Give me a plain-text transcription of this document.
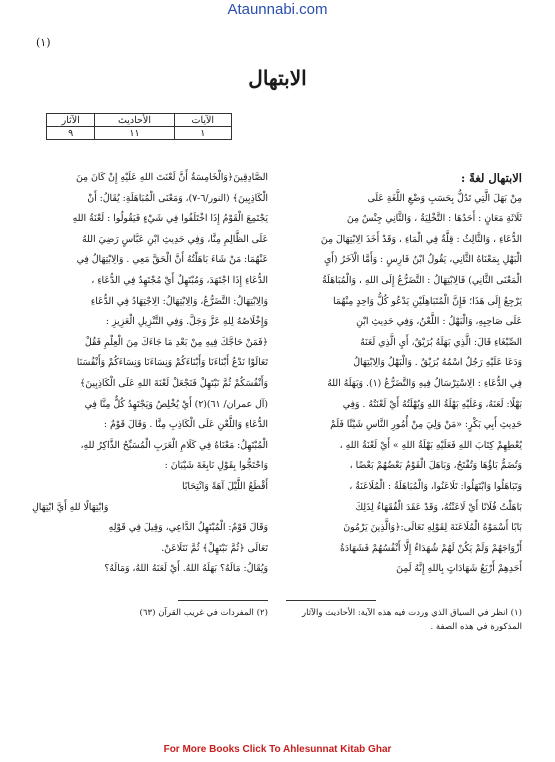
Ataunnabi.com
(١)
الابتهال
الآيات	الأحاديث	الآثار
١	١١	٩
الابتهال لغةً :
مِنْ بَهَلَ الَّتِي تَدُلُّ بِحَسَبِ وَضْعِ اللُّغَةِ عَلَى
ثَلَاثَةِ مَعَانٍ : أَحَدُهَا : التَّخْلِيَةُ ، وَالثَّانِي جِنْسٌ مِنَ
الدُّعَاءِ ، وَالثَّالِثُ : قِلَّةٌ فِي الْمَاءِ ، وَقَدْ أَخَذَ الِابْتِهَالَ مِنَ
الْبَهْلِ بِمَعْنَاهُ الثَّانِي، يَقُولُ ابْنُ فَارِسٍ : وَأَمَّا الْآخَرُ (أَيِ
الْمَعْنَى الثَّانِي) فَالِابْتِهَالُ : التَّضَرُّعُ إِلَى اللهِ ، وَالْمُبَاهَلَةُ
يَرْجِعُ إِلَى هَذَا؛ فَإِنَّ الْمُتَبَاهِلَيْنِ يَدْعُو كُلُّ وَاحِدٍ مِنْهُمَا
عَلَى صَاحِبِهِ، وَالْبَهْلُ : اللَّعْنُ، وَفِي حَدِيثِ ابْنِ
الصِّبْغَاءِ قَالَ: الَّذِي بَهَلَهُ بُرَيْقٌ، أَيِ الَّذِي لَعَنَهُ
وَدَعَا عَلَيْهِ رَجُلٌ اسْمُهُ بُرَيْقٌ . وَالْبَهْلُ وَالِابْتِهَالُ
فِي الدُّعَاءِ : الِاسْتِرْسَالُ فِيهِ وَالتَّضَرُّعُ (١). وَبَهَلَهُ اللهُ
بَهْلًا: لَعَنَهُ، وَعَلَيْهِ بَهْلَةُ اللهِ وَبُهْلَتُهُ أَيْ لَعْنَتُهُ . وَفِي
حَدِيثِ أَبِي بَكْرٍ: «مَنْ وَلِيَ مِنْ أُمُورِ النَّاسِ شَيْئًا فَلَمْ
يُعْطِهِمْ كِتَابَ اللهِ فَعَلَيْهِ بَهْلَةُ اللهِ » أَيْ لَعْنَةُ اللهِ ،
وَتُضَمُّ بَاؤُهَا وَتُفْتَحُ، وَبَاهَلَ الْقَوْمُ بَعْضُهُمْ بَعْضًا ،
وَتَبَاهَلُوا وَابْتَهَلُوا: تَلَاعَنُوا، وَالْمُبَاهَلَةُ : الْمُلَاعَنَةُ ،
بَاهَلْتُ فُلَانًا أَيْ لَاعَنْتُهُ، وَقَدْ عَقَدَ الْفُقَهَاءُ لِذَلِكَ
بَابًا أَسْمَوْهُ الْمُلَاعَنَةَ لِقَوْلِهِ تَعَالَى:﴿وَالَّذِينَ يَرْمُونَ
أَزْوَاجَهُمْ وَلَمْ يَكُنْ لَهُمْ شُهَدَاءُ إِلَّا أَنْفُسُهُمْ فَشَهَادَةُ
أَحَدِهِمْ أَرْبَعُ شَهَادَاتٍ بِاللهِ إِنَّهُ لَمِنَ
الصَّادِقِينَ﴿وَالْخَامِسَةُ أَنَّ لَعْنَتَ اللهِ عَلَيْهِ إِنْ كَانَ مِنَ
الْكَاذِبِينَ﴾ (النور/٦-٧)، وَمَعْنَى الْمُبَاهَلَةِ: يُقَالُ: أَنْ
يَجْتَمِعَ الْقَوْمُ إِذَا اخْتَلَفُوا فِي شَيْءٍ فَيَقُولُوا : لَعْنَةُ اللهِ
عَلَى الظَّالِمِ مِنَّا، وَفِي حَدِيثِ ابْنِ عَبَّاسٍ رَضِيَ اللهُ
عَنْهُمَا: مَنْ شَاءَ بَاهَلْتُهُ أَنَّ الْحَقَّ مَعِي . وَالِابْتِهَالُ فِي
الدُّعَاءِ إِذَا اجْتَهَدَ، وَمُبْتَهِلٌ أَيْ مُجْتَهِدٌ فِي الدُّعَاءِ ،
وَالِابْتِهَالُ: التَّضَرُّعُ، وَالِابْتِهَالُ: الِاجْتِهَادُ فِي الدُّعَاءِ
وَإِخْلَاصُهُ لِلهِ عَزَّ وَجَلَّ. وَفِي التَّنْزِيلِ الْعَزِيزِ :
﴿فَمَنْ حَاجَّكَ فِيهِ مِنْ بَعْدِ مَا جَاءَكَ مِنَ الْعِلْمِ فَقُلْ
تَعَالَوْا نَدْعُ أَبْنَاءَنَا وَأَبْنَاءَكُمْ وَنِسَاءَنَا وَنِسَاءَكُمْ وَأَنْفُسَنَا
وَأَنْفُسَكُمْ ثُمَّ نَبْتَهِلْ فَنَجْعَلْ لَعْنَةَ اللهِ عَلَى الْكَاذِبِينَ﴾
(آل عمران/ ٦١)(٢) أَيْ يُخْلِصُ وَيَجْتَهِدُ كُلٌّ مِنَّا فِي
الدُّعَاءِ وَاللَّعْنِ عَلَى الْكَاذِبِ مِنَّا . وَقَالَ قَوْمٌ :
الْمُبْتَهِلُ: مَعْنَاهُ فِي كَلَامِ الْعَرَبِ الْمُسَبِّحُ الذَّاكِرُ للهِ،
وَاحْتَجُّوا بِقَوْلِ نَابِغَةَ شَيْبَانَ :
أَقْطَعُ اللَّيْلَ آهَةً وَانْتِحَابًا
وَابْتِهَالًا للهِ أَيَّ ابْتِهَالِ
وَقَالَ قَوْمٌ: الْمُبْتَهِلُ الدَّاعِي، وَقِيلَ فِي قَوْلِهِ
تَعَالَى ﴿ثُمَّ نَبْتَهِلْ﴾ ثُمَّ نَتَلَاعَنْ.
وَيُقَالُ: مَالَهُ؟ بَهَلَهُ اللهُ. أَيْ لَعَنَهُ اللهُ، وَمَالَهُ؟
(١) انظر في السياق الذي وردت فيه هذه الآية: الأحاديث والآثار المذكورة في هذه الصفة .
(٢) المفردات في غريب القرآن (٦٣)
For More Books Click To Ahlesunnat Kitab Ghar
